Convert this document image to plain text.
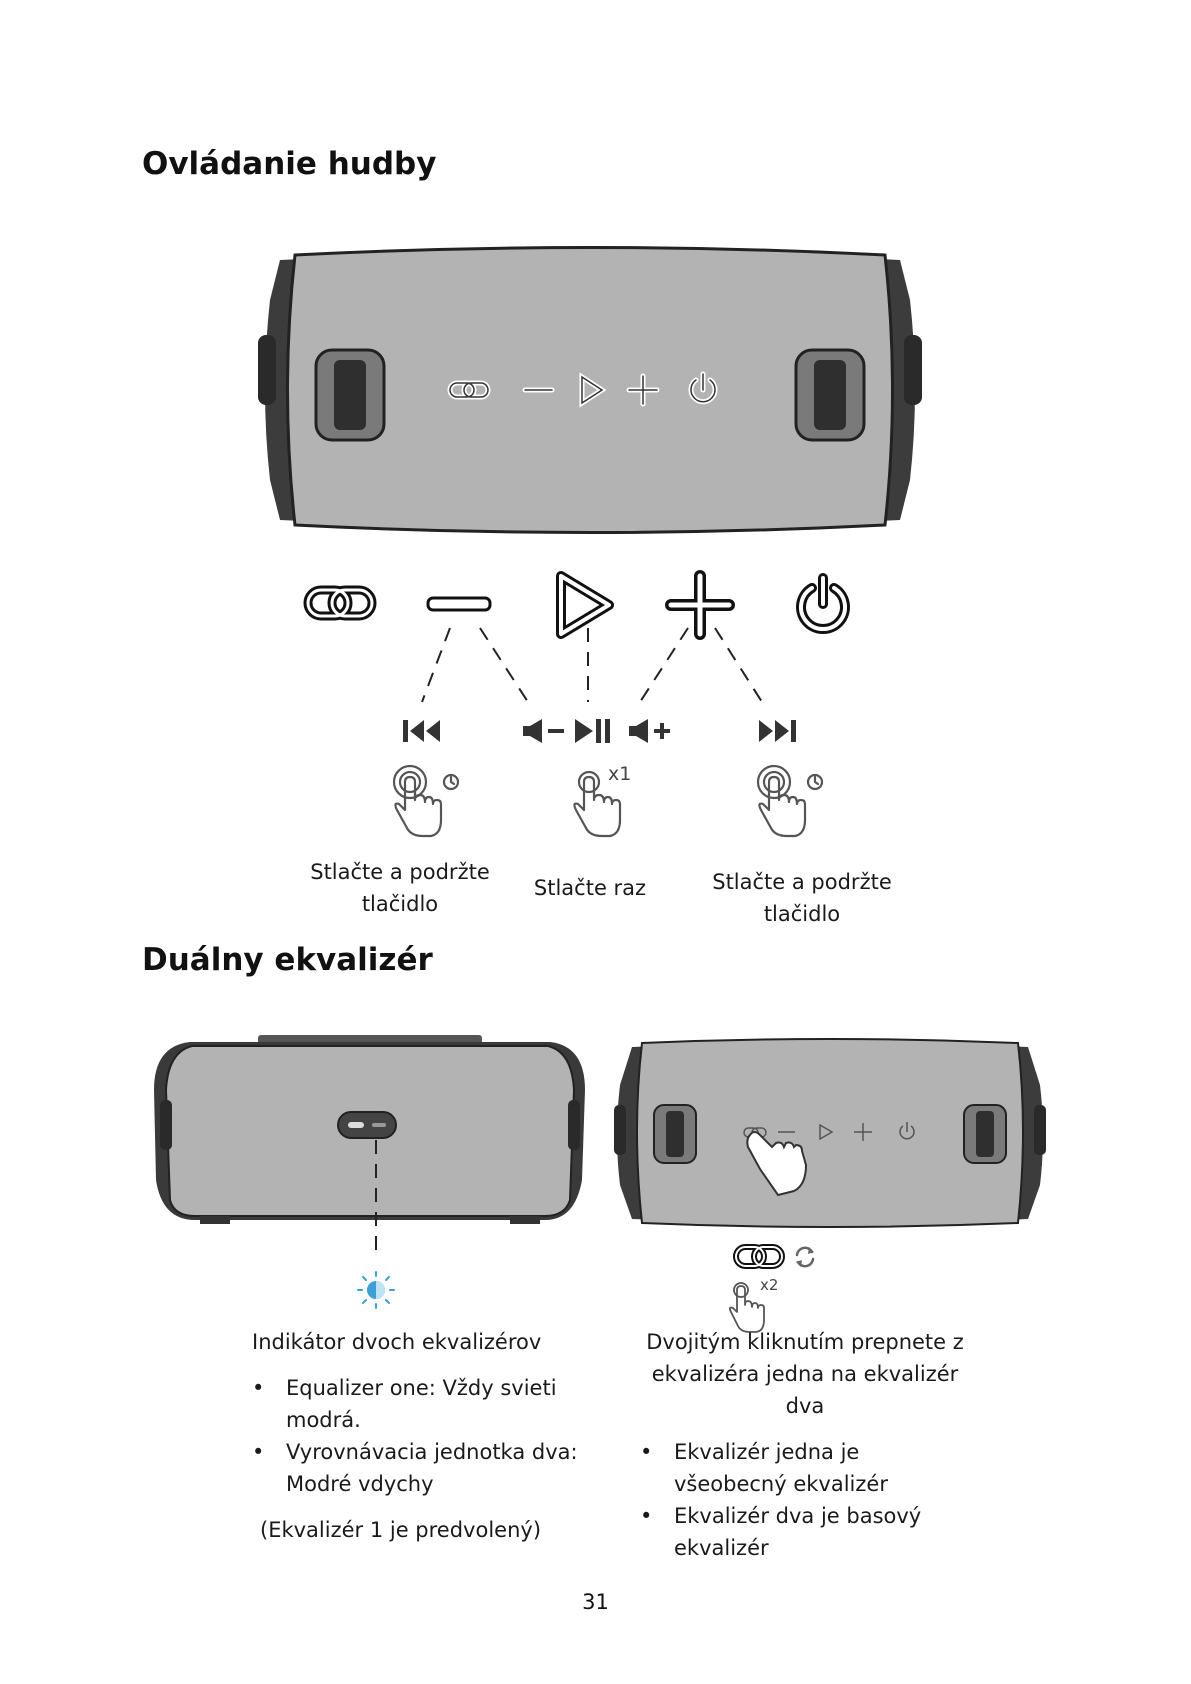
Ovládanie hudby
x1
Stlačte a podržte tlačidlo
Stlačte raz	Stlačte a podržte tlačidlo
Duálny ekvalizér
x2
Indikátor dvoch ekvalizérov
• Equalizer one: Vždy svieti modrá.
• Vyrovnávacia jednotka dva: Modré vdychy
(Ekvalizér 1 je predvolený)
Dvojitým kliknutím prepnete z ekvalizéra jedna na ekvalizér dva
• Ekvalizér jedna je všeobecný ekvalizér
• Ekvalizér dva je basový ekvalizér
31
